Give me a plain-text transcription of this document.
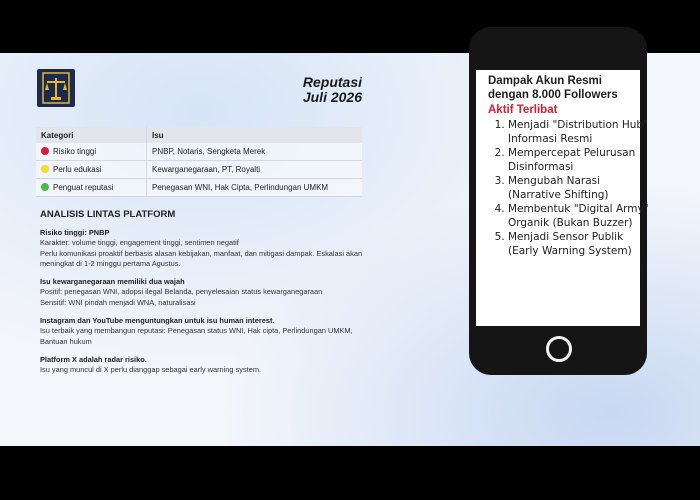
Reputasi
Juli 2026
Kategori	Isu
Risiko tinggi	PNBP, Notaris, Sengketa Merek
Perlu edukasi	Kewarganegaraan, PT, Royalti
Penguat reputasi	Penegasan WNI, Hak Cipta, Perlindungan UMKM
ANALISIS LINTAS PLATFORM
Risiko tinggi: PNBP
Karakter: volume tinggi, engagement tinggi, sentimen negatif
Perlu komunikasi proaktif berbasis alasan kebijakan, manfaat, dan mitigasi dampak. Eskalasi akan meningkat di 1-2 minggu pertama Agustus.
Isu kewarganegaraan memiliki dua wajah
Positif: penegasan WNI, adopsi ilegal Belanda, penyelesaian status kewarganegaraan
Sensitif: WNI pindah menjadi WNA, naturalisasi
Instagram dan YouTube menguntungkan untuk isu human interest.
Isu terbaik yang membangun reputasi: Penegasan status WNI, Hak cipta, Perlindungan UMKM, Bantuan hukum
Platform X adalah radar risiko.
Isu yang muncul di X perlu dianggap sebagai early warning system.
Dampak Akun Resmi dengan 8.000 Followers
Aktif Terlibat
1. Menjadi "Distribution Hub" Informasi Resmi
2. Mempercepat Pelurusan Disinformasi
3. Mengubah Narasi (Narrative Shifting)
4. Membentuk "Digital Army" Organik (Bukan Buzzer)
5. Menjadi Sensor Publik (Early Warning System)
